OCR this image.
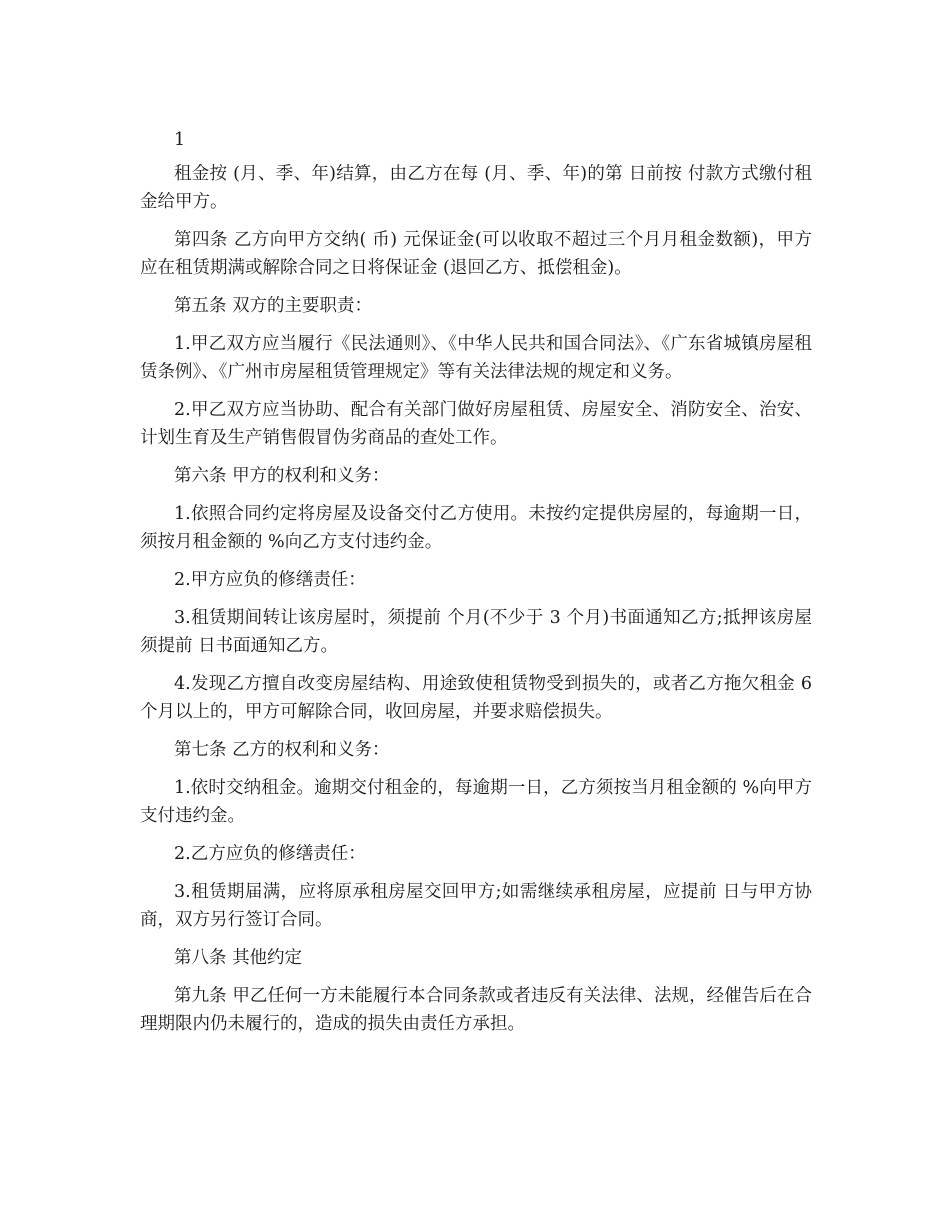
1

租金按 (月、季、年)结算，由乙方在每 (月、季、年)的第 日前按 付款方式缴付租金给甲方。

第四条 乙方向甲方交纳( 币) 元保证金(可以收取不超过三个月月租金数额)，甲方应在租赁期满或解除合同之日将保证金 (退回乙方、抵偿租金)。

第五条 双方的主要职责：

1.甲乙双方应当履行《民法通则》、《中华人民共和国合同法》、《广东省城镇房屋租赁条例》、《广州市房屋租赁管理规定》等有关法律法规的规定和义务。

2.甲乙双方应当协助、配合有关部门做好房屋租赁、房屋安全、消防安全、治安、计划生育及生产销售假冒伪劣商品的查处工作。

第六条 甲方的权利和义务：

1.依照合同约定将房屋及设备交付乙方使用。未按约定提供房屋的，每逾期一日，须按月租金额的 %向乙方支付违约金。

2.甲方应负的修缮责任：

3.租赁期间转让该房屋时，须提前 个月(不少于 3 个月)书面通知乙方;抵押该房屋须提前 日书面通知乙方。

4.发现乙方擅自改变房屋结构、用途致使租赁物受到损失的，或者乙方拖欠租金 6 个月以上的，甲方可解除合同，收回房屋，并要求赔偿损失。

第七条 乙方的权利和义务：

1.依时交纳租金。逾期交付租金的，每逾期一日，乙方须按当月租金额的 %向甲方支付违约金。

2.乙方应负的修缮责任：

3.租赁期届满，应将原承租房屋交回甲方;如需继续承租房屋，应提前 日与甲方协商，双方另行签订合同。

第八条 其他约定

第九条 甲乙任何一方未能履行本合同条款或者违反有关法律、法规，经催告后在合理期限内仍未履行的，造成的损失由责任方承担。
